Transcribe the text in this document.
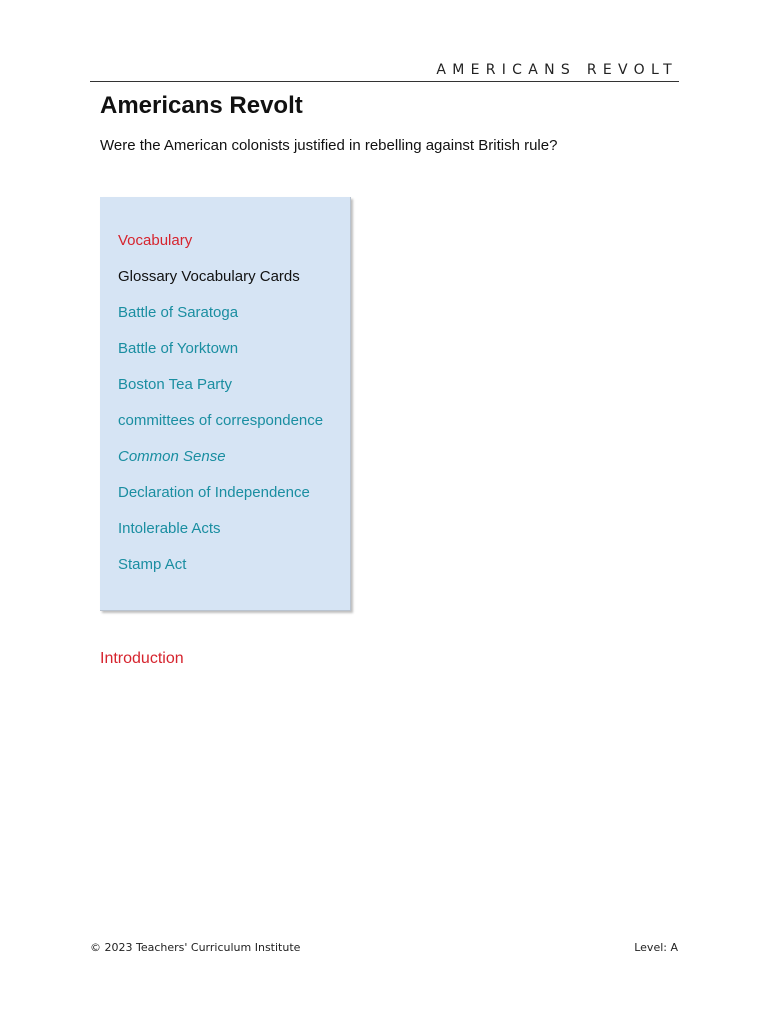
AMERICANS REVOLT
Americans Revolt

Were the American colonists justified in rebelling against British rule?

Vocabulary
Glossary Vocabulary Cards
Battle of Saratoga
Battle of Yorktown
Boston Tea Party
committees of correspondence
Common Sense
Declaration of Independence
Intolerable Acts
Stamp Act
Introduction
© 2023 Teachers' Curriculum Institute	Level: A
